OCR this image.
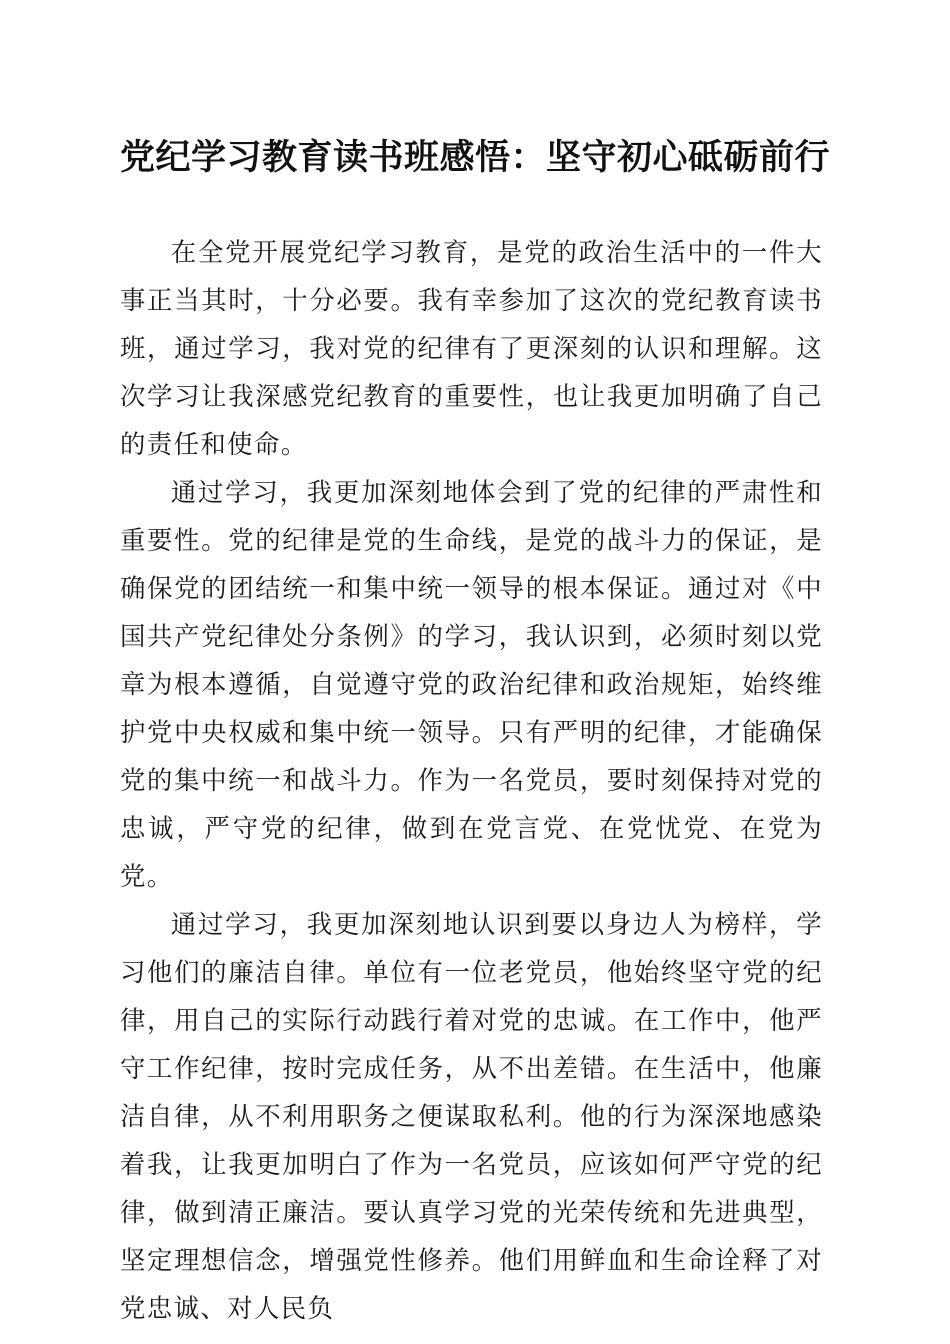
党纪学习教育读书班感悟：坚守初心砥砺前行

在全党开展党纪学习教育，是党的政治生活中的一件大事正当其时，十分必要。我有幸参加了这次的党纪教育读书班，通过学习，我对党的纪律有了更深刻的认识和理解。这次学习让我深感党纪教育的重要性，也让我更加明确了自己的责任和使命。

通过学习，我更加深刻地体会到了党的纪律的严肃性和重要性。党的纪律是党的生命线，是党的战斗力的保证，是确保党的团结统一和集中统一领导的根本保证。通过对《中国共产党纪律处分条例》的学习，我认识到，必须时刻以党章为根本遵循，自觉遵守党的政治纪律和政治规矩，始终维护党中央权威和集中统一领导。只有严明的纪律，才能确保党的集中统一和战斗力。作为一名党员，要时刻保持对党的忠诚，严守党的纪律，做到在党言党、在党忧党、在党为党。

通过学习，我更加深刻地认识到要以身边人为榜样，学习他们的廉洁自律。单位有一位老党员，他始终坚守党的纪律，用自己的实际行动践行着对党的忠诚。在工作中，他严守工作纪律，按时完成任务，从不出差错。在生活中，他廉洁自律，从不利用职务之便谋取私利。他的行为深深地感染着我，让我更加明白了作为一名党员，应该如何严守党的纪律，做到清正廉洁。要认真学习党的光荣传统和先进典型，坚定理想信念，增强党性修养。他们用鲜血和生命诠释了对党忠诚、对人民负
